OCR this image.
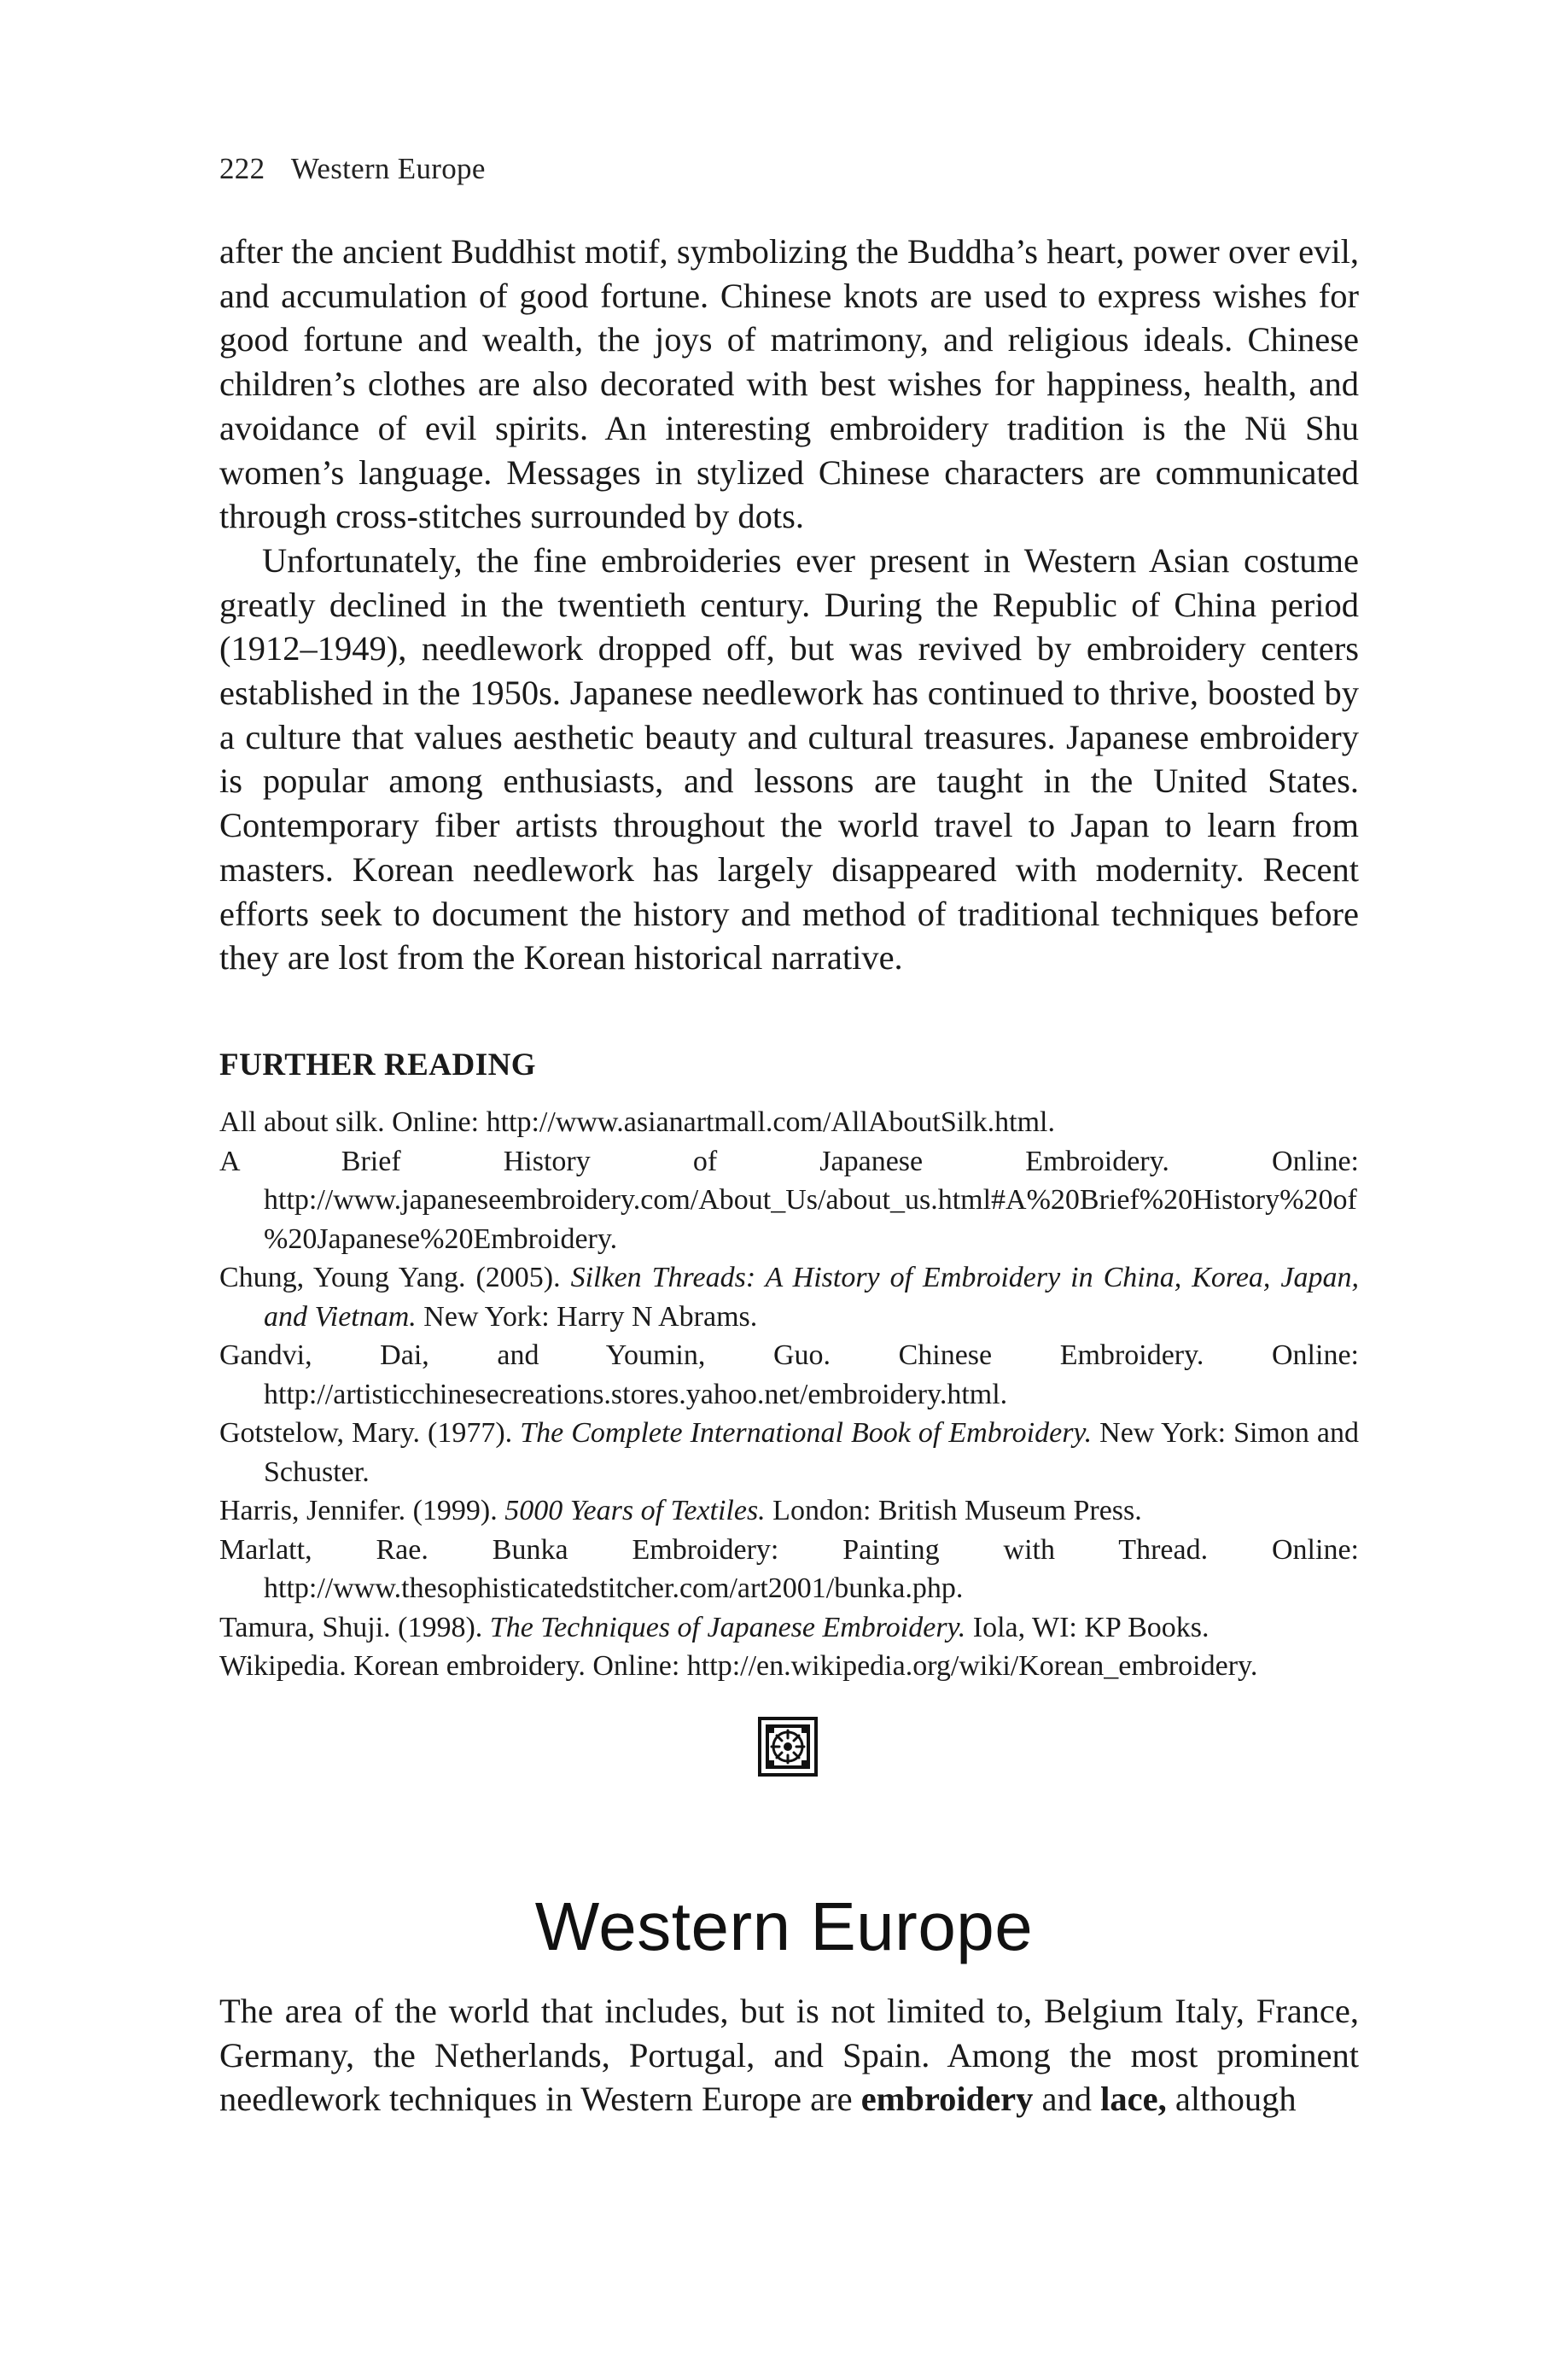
222 Western Europe

after the ancient Buddhist motif, symbolizing the Buddha’s heart, power over evil, and accumulation of good fortune. Chinese knots are used to express wishes for good fortune and wealth, the joys of matrimony, and religious ideals. Chinese children’s clothes are also decorated with best wishes for happiness, health, and avoidance of evil spirits. An interesting embroidery tradition is the Nü Shu women’s language. Messages in stylized Chinese characters are communicated through cross-stitches surrounded by dots.

Unfortunately, the fine embroideries ever present in Western Asian costume greatly declined in the twentieth century. During the Republic of China period (1912–1949), needlework dropped off, but was revived by embroidery centers established in the 1950s. Japanese needlework has continued to thrive, boosted by a culture that values aesthetic beauty and cultural treasures. Japanese embroidery is popular among enthusiasts, and lessons are taught in the United States. Contemporary fiber artists throughout the world travel to Japan to learn from masters. Korean needlework has largely disappeared with modernity. Recent efforts seek to document the history and method of traditional techniques before they are lost from the Korean historical narrative.

FURTHER READING
All about silk. Online: http://www.asianartmall.com/AllAboutSilk.html.
A Brief History of Japanese Embroidery. Online: http://www.japaneseembroidery.com/About_Us/about_us.html#A%20Brief%20History%20of%20Japanese%20Embroidery.
Chung, Young Yang. (2005). Silken Threads: A History of Embroidery in China, Korea, Japan, and Vietnam. New York: Harry N Abrams.
Gandvi, Dai, and Youmin, Guo. Chinese Embroidery. Online: http://artisticchinesecreations.stores.yahoo.net/embroidery.html.
Gotstelow, Mary. (1977). The Complete International Book of Embroidery. New York: Simon and Schuster.
Harris, Jennifer. (1999). 5000 Years of Textiles. London: British Museum Press.
Marlatt, Rae. Bunka Embroidery: Painting with Thread. Online: http://www.thesophisticatedstitcher.com/art2001/bunka.php.
Tamura, Shuji. (1998). The Techniques of Japanese Embroidery. Iola, WI: KP Books.
Wikipedia. Korean embroidery. Online: http://en.wikipedia.org/wiki/Korean_embroidery.
Western Europe

The area of the world that includes, but is not limited to, Belgium Italy, France, Germany, the Netherlands, Portugal, and Spain. Among the most prominent needlework techniques in Western Europe are embroidery and lace, although
